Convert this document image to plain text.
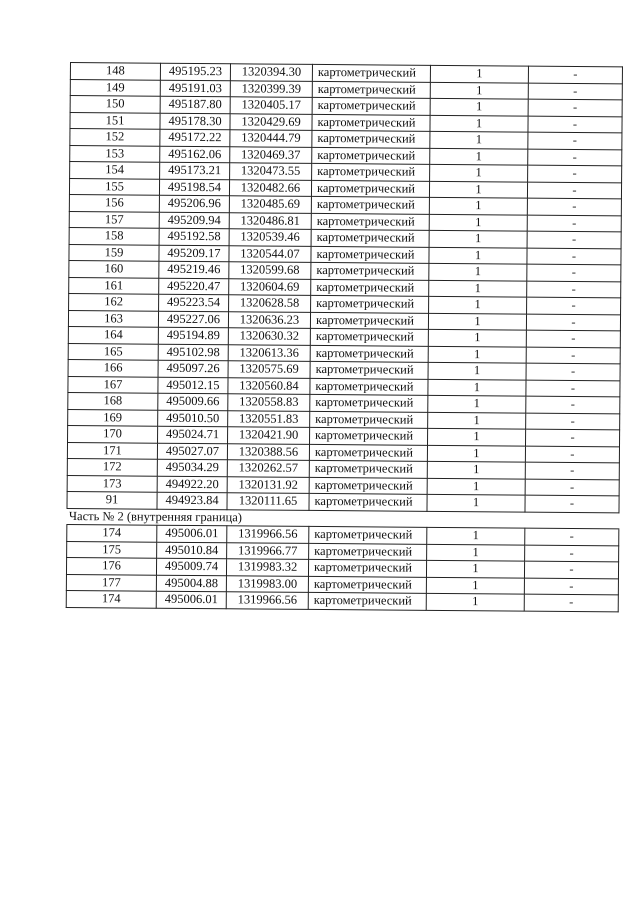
148	495195.23	1320394.30	картометрический	1	-
149	495191.03	1320399.39	картометрический	1	-
150	495187.80	1320405.17	картометрический	1	-
151	495178.30	1320429.69	картометрический	1	-
152	495172.22	1320444.79	картометрический	1	-
153	495162.06	1320469.37	картометрический	1	-
154	495173.21	1320473.55	картометрический	1	-
155	495198.54	1320482.66	картометрический	1	-
156	495206.96	1320485.69	картометрический	1	-
157	495209.94	1320486.81	картометрический	1	-
158	495192.58	1320539.46	картометрический	1	-
159	495209.17	1320544.07	картометрический	1	-
160	495219.46	1320599.68	картометрический	1	-
161	495220.47	1320604.69	картометрический	1	-
162	495223.54	1320628.58	картометрический	1	-
163	495227.06	1320636.23	картометрический	1	-
164	495194.89	1320630.32	картометрический	1	-
165	495102.98	1320613.36	картометрический	1	-
166	495097.26	1320575.69	картометрический	1	-
167	495012.15	1320560.84	картометрический	1	-
168	495009.66	1320558.83	картометрический	1	-
169	495010.50	1320551.83	картометрический	1	-
170	495024.71	1320421.90	картометрический	1	-
171	495027.07	1320388.56	картометрический	1	-
172	495034.29	1320262.57	картометрический	1	-
173	494922.20	1320131.92	картометрический	1	-
91	494923.84	1320111.65	картометрический	1	-
Часть № 2 (внутренняя граница)					
174	495006.01	1319966.56	картометрический	1	-
175	495010.84	1319966.77	картометрический	1	-
176	495009.74	1319983.32	картометрический	1	-
177	495004.88	1319983.00	картометрический	1	-
174	495006.01	1319966.56	картометрический	1	-
